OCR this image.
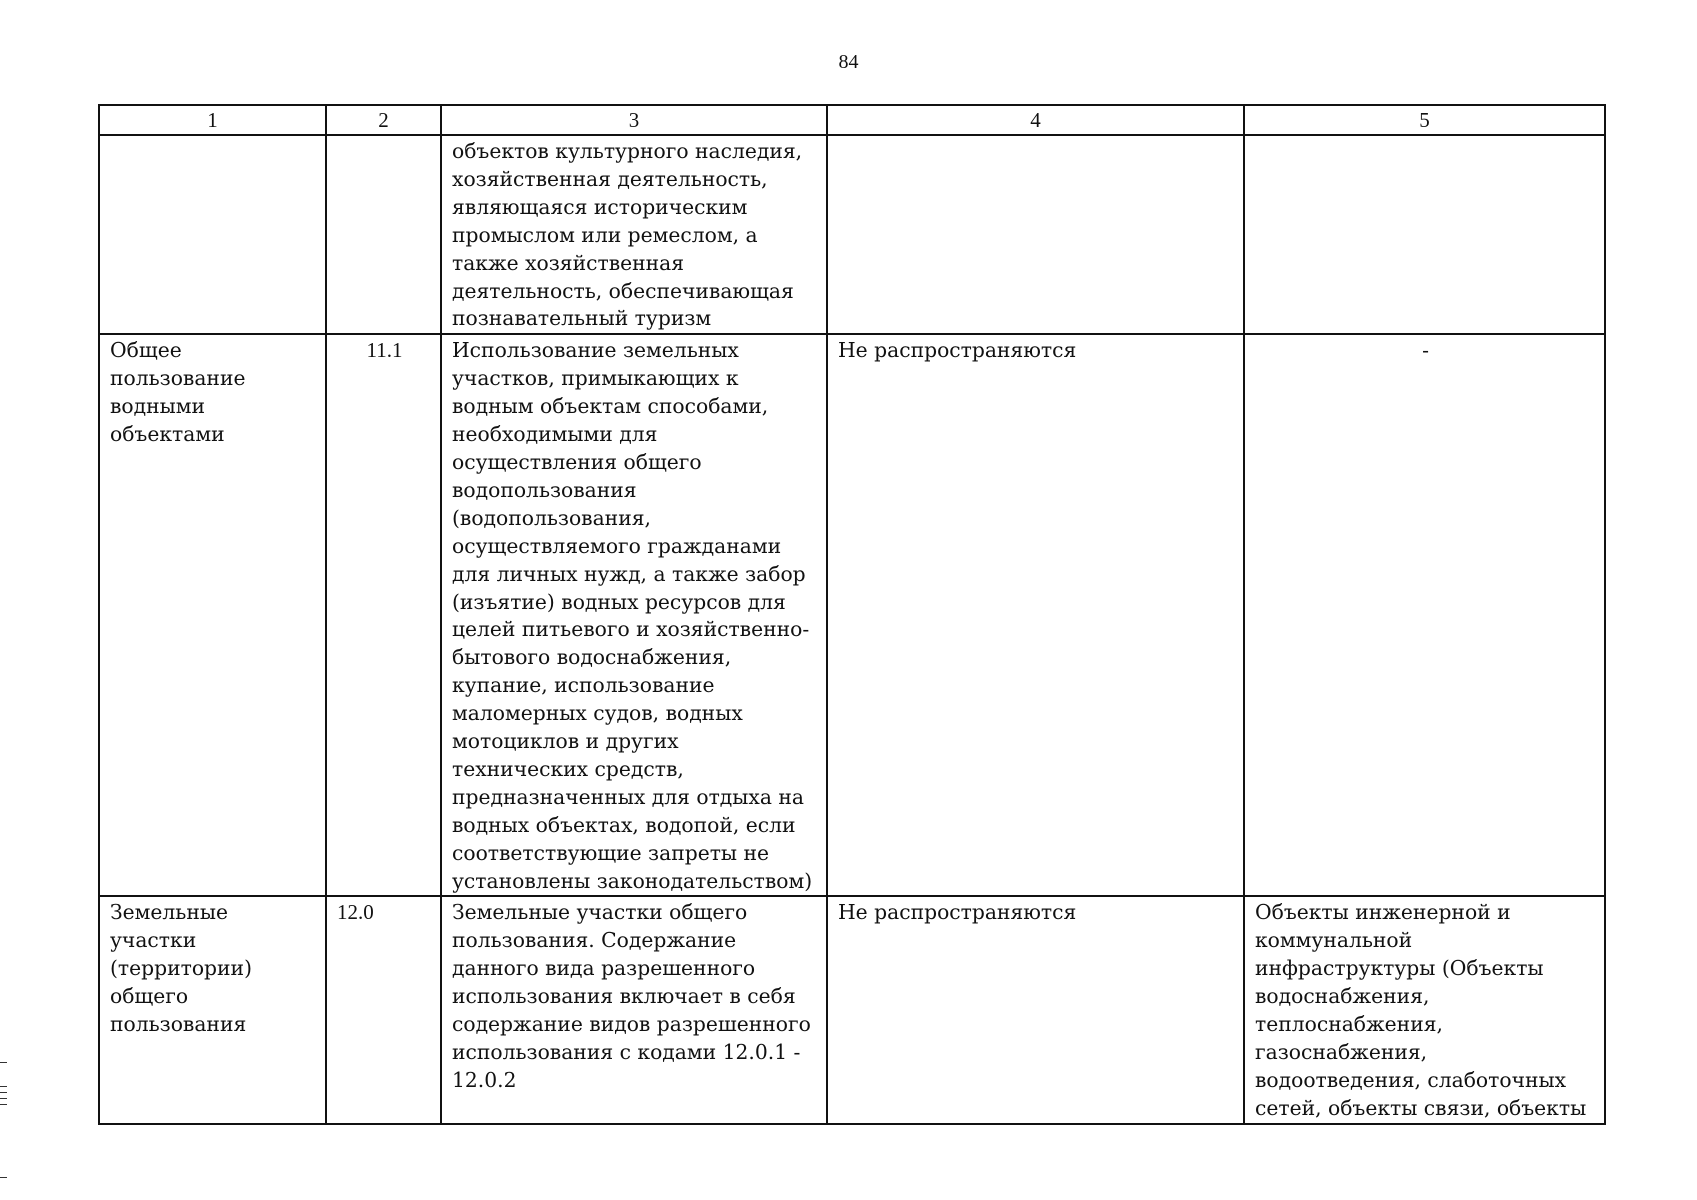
84
1	2	3	4	5

		объектов культурного наследия, хозяйственная деятельность, являющаяся историческим промыслом или ремеслом, а также хозяйственная деятельность, обеспечивающая познавательный туризм		

Общее пользование водными объектами	11.1	Использование земельных участков, примыкающих к водным объектам способами, необходимыми для осуществления общего водопользования (водопользования, осуществляемого гражданами для личных нужд, а также забор (изъятие) водных ресурсов для целей питьевого и хозяйственно-бытового водоснабжения, купание, использование маломерных судов, водных мотоциклов и других технических средств, предназначенных для отдыха на водных объектах, водопой, если соответствующие запреты не установлены законодательством)	Не распространяются	-

Земельные участки (территории) общего пользования	12.0	Земельные участки общего пользования. Содержание данного вида разрешенного использования включает в себя содержание видов разрешенного использования с кодами 12.0.1 - 12.0.2	Не распространяются	Объекты инженерной и коммунальной инфраструктуры (Объекты водоснабжения, теплоснабжения, газоснабжения, водоотведения, слаботочных сетей, объекты связи, объекты
